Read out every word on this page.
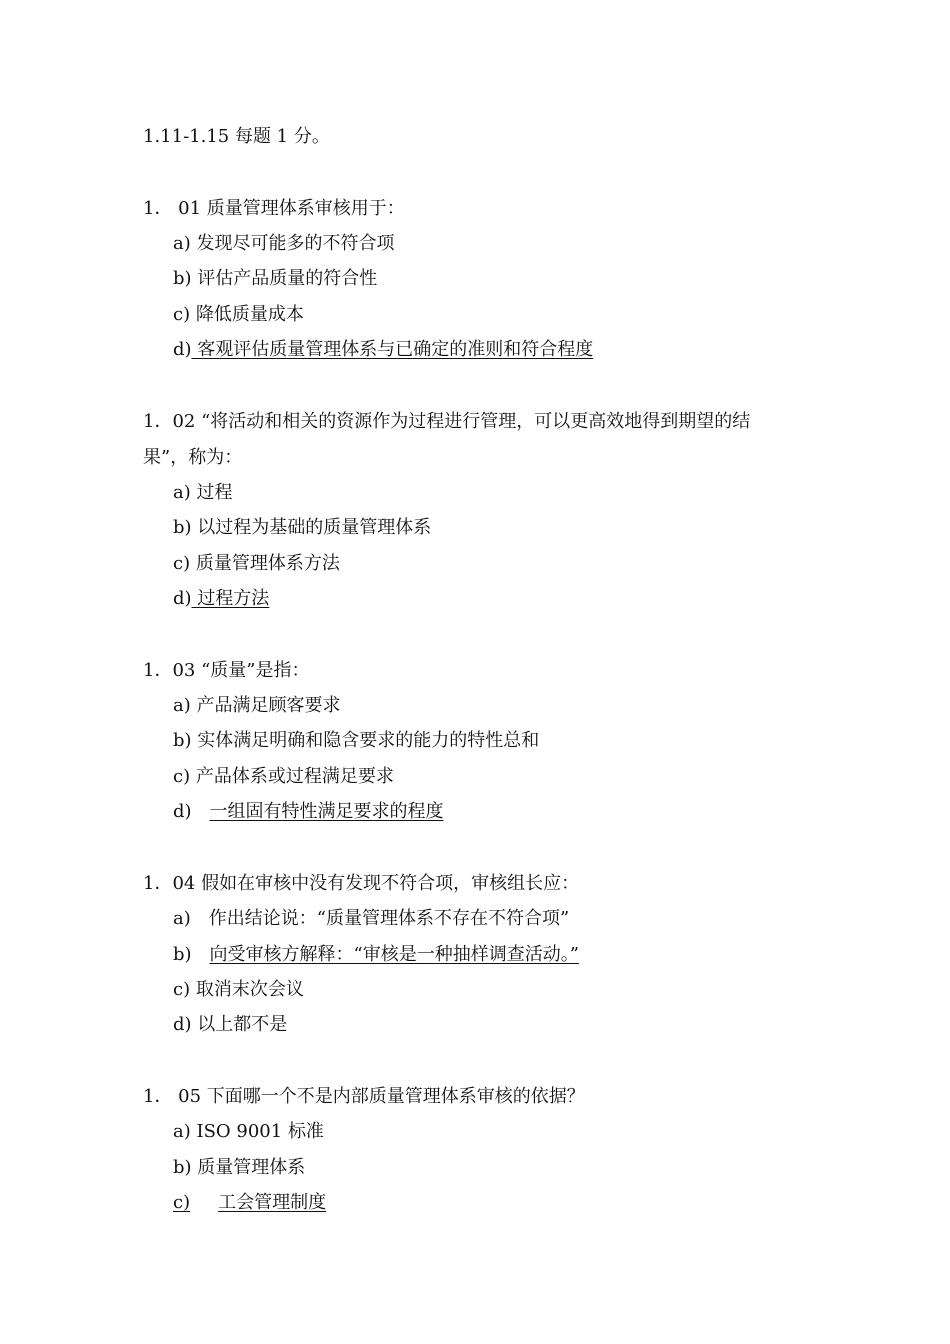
1.11-1.15 每题 1 分。
1． 01 质量管理体系审核用于：
a) 发现尽可能多的不符合项
b) 评估产品质量的符合性
c) 降低质量成本
d) 客观评估质量管理体系与已确定的准则和符合程度
1．02 “将活动和相关的资源作为过程进行管理，可以更高效地得到期望的结
果”，称为：
a) 过程
b) 以过程为基础的质量管理体系
c) 质量管理体系方法
d) 过程方法
1．03 “质量”是指：
a) 产品满足顾客要求
b) 实体满足明确和隐含要求的能力的特性总和
c) 产品体系或过程满足要求
d) 一组固有特性满足要求的程度
1．04 假如在审核中没有发现不符合项，审核组长应：
a) 作出结论说：“质量管理体系不存在不符合项”
b) 向受审核方解释：“审核是一种抽样调查活动。”
c) 取消末次会议
d) 以上都不是
1． 05 下面哪一个不是内部质量管理体系审核的依据？
a) ISO 9001 标准
b) 质量管理体系
c) 工会管理制度
